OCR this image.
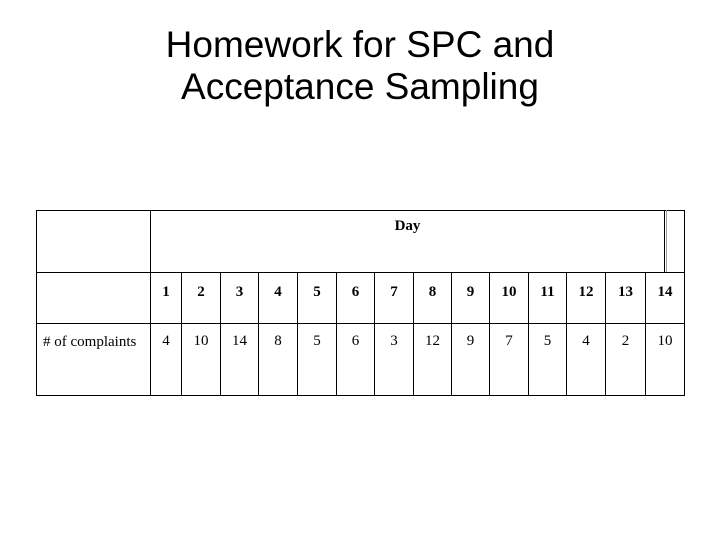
Homework for SPC and
Acceptance Sampling
Day
# of complaints
1
4
2
10
3
14
4
8
5
5
6
6
7
3
8
12
9
9
10
7
11
5
12
4
13
2
14
10
